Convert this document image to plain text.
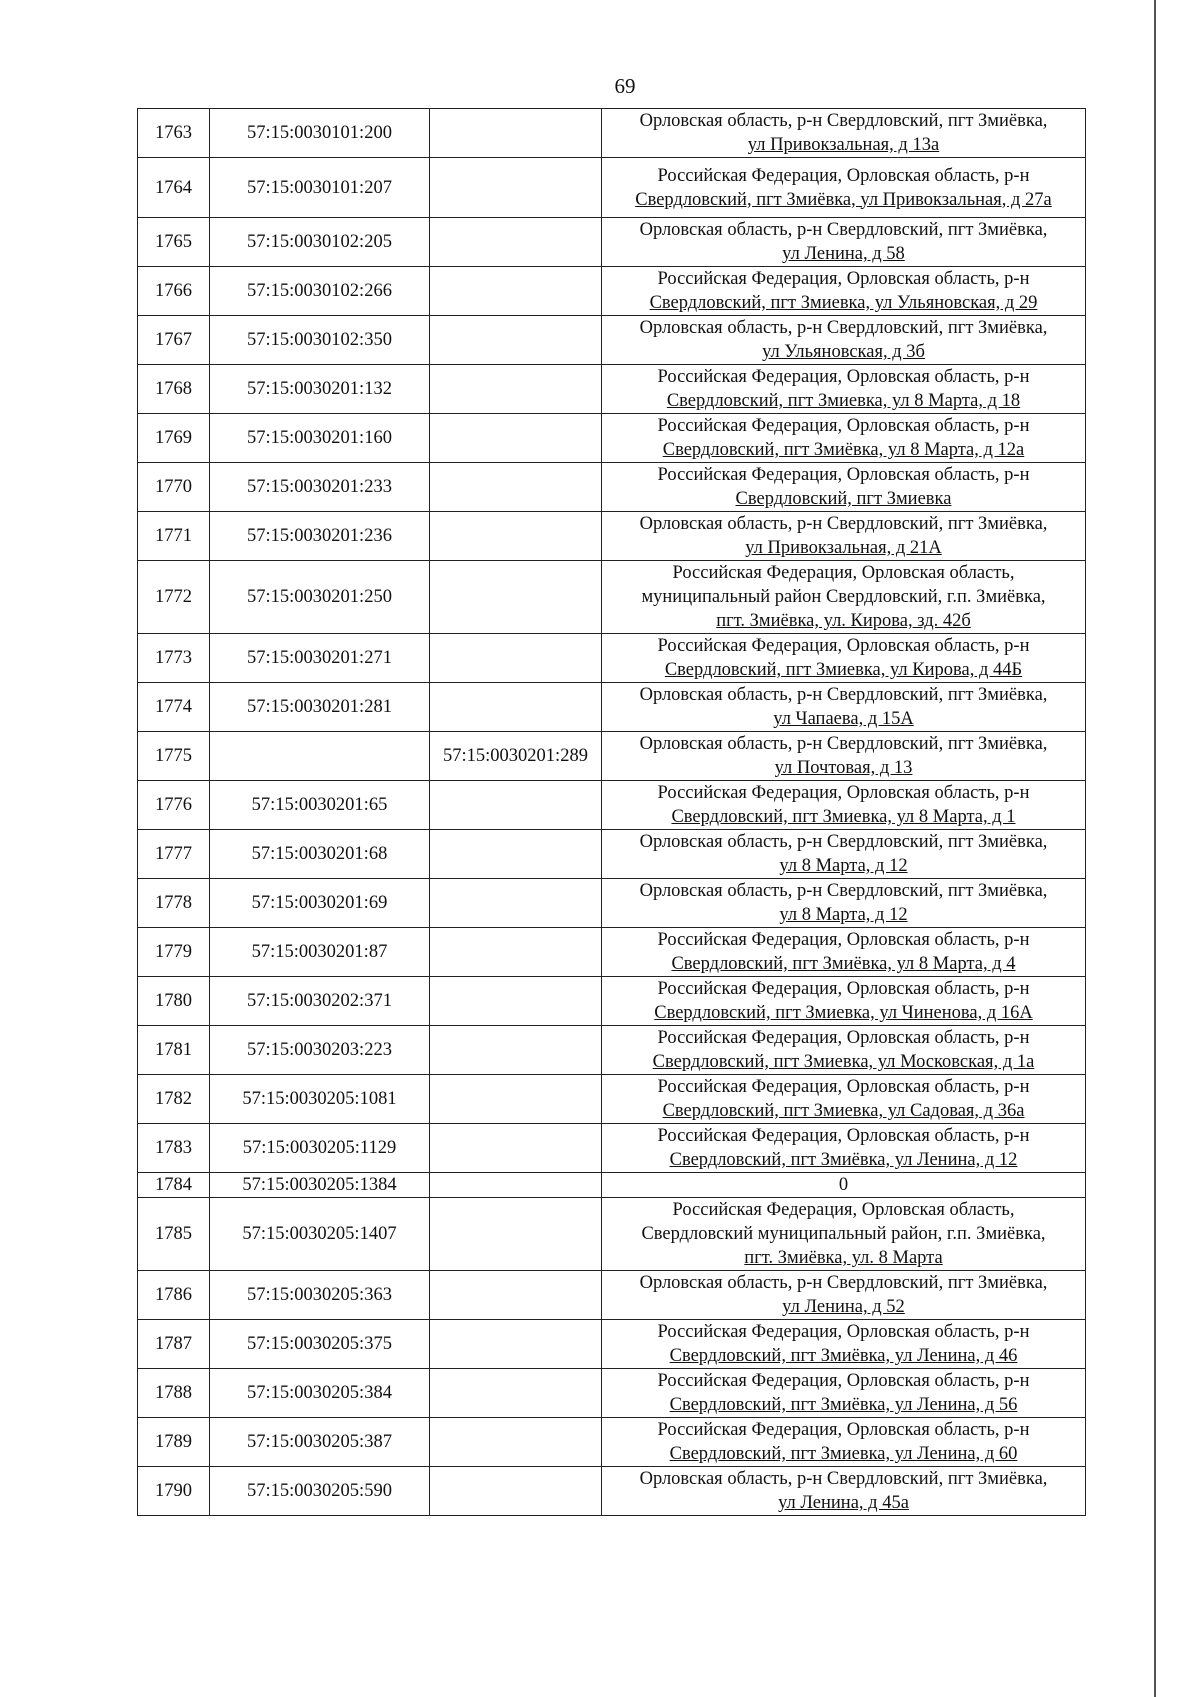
69
1763	57:15:0030101:200		Орловская область, р-н Свердловский, пгт Змиёвка,
ул Привокзальная, д 13а

1764	57:15:0030101:207		Российская Федерация, Орловская область, р-н
Свердловский, пгт Змиёвка, ул Привокзальная, д 27а

1765	57:15:0030102:205		Орловская область, р-н Свердловский, пгт Змиёвка,
ул Ленина, д 58

1766	57:15:0030102:266		Российская Федерация, Орловская область, р-н
Свердловский, пгт Змиевка, ул Ульяновская, д 29

1767	57:15:0030102:350		Орловская область, р-н Свердловский, пгт Змиёвка,
ул Ульяновская, д 3б

1768	57:15:0030201:132		Российская Федерация, Орловская область, р-н
Свердловский, пгт Змиевка, ул 8 Марта, д 18

1769	57:15:0030201:160		Российская Федерация, Орловская область, р-н
Свердловский, пгт Змиёвка, ул 8 Марта, д 12а

1770	57:15:0030201:233		Российская Федерация, Орловская область, р-н
Свердловский, пгт Змиевка

1771	57:15:0030201:236		Орловская область, р-н Свердловский, пгт Змиёвка,
ул Привокзальная, д 21А

1772	57:15:0030201:250		Российская Федерация, Орловская область,
муниципальный район Свердловский, г.п. Змиёвка,
пгт. Змиёвка, ул. Кирова, зд. 42б

1773	57:15:0030201:271		Российская Федерация, Орловская область, р-н
Свердловский, пгт Змиевка, ул Кирова, д 44Б

1774	57:15:0030201:281		Орловская область, р-н Свердловский, пгт Змиёвка,
ул Чапаева, д 15А

1775		57:15:0030201:289	Орловская область, р-н Свердловский, пгт Змиёвка,
ул Почтовая, д 13

1776	57:15:0030201:65		Российская Федерация, Орловская область, р-н
Свердловский, пгт Змиевка, ул 8 Марта, д 1

1777	57:15:0030201:68		Орловская область, р-н Свердловский, пгт Змиёвка,
ул 8 Марта, д 12

1778	57:15:0030201:69		Орловская область, р-н Свердловский, пгт Змиёвка,
ул 8 Марта, д 12

1779	57:15:0030201:87		Российская Федерация, Орловская область, р-н
Свердловский, пгт Змиёвка, ул 8 Марта, д 4

1780	57:15:0030202:371		Российская Федерация, Орловская область, р-н
Свердловский, пгт Змиевка, ул Чиненова, д 16А

1781	57:15:0030203:223		Российская Федерация, Орловская область, р-н
Свердловский, пгт Змиевка, ул Московская, д 1а

1782	57:15:0030205:1081		Российская Федерация, Орловская область, р-н
Свердловский, пгт Змиевка, ул Садовая, д 36а

1783	57:15:0030205:1129		Российская Федерация, Орловская область, р-н
Свердловский, пгт Змиёвка, ул Ленина, д 12

1784	57:15:0030205:1384		0

1785	57:15:0030205:1407		Российская Федерация, Орловская область,
Свердловский муниципальный район, г.п. Змиёвка,
пгт. Змиёвка, ул. 8 Марта

1786	57:15:0030205:363		Орловская область, р-н Свердловский, пгт Змиёвка,
ул Ленина, д 52

1787	57:15:0030205:375		Российская Федерация, Орловская область, р-н
Свердловский, пгт Змиёвка, ул Ленина, д 46

1788	57:15:0030205:384		Российская Федерация, Орловская область, р-н
Свердловский, пгт Змиёвка, ул Ленина, д 56

1789	57:15:0030205:387		Российская Федерация, Орловская область, р-н
Свердловский, пгт Змиевка, ул Ленина, д 60

1790	57:15:0030205:590		Орловская область, р-н Свердловский, пгт Змиёвка,
ул Ленина, д 45а
